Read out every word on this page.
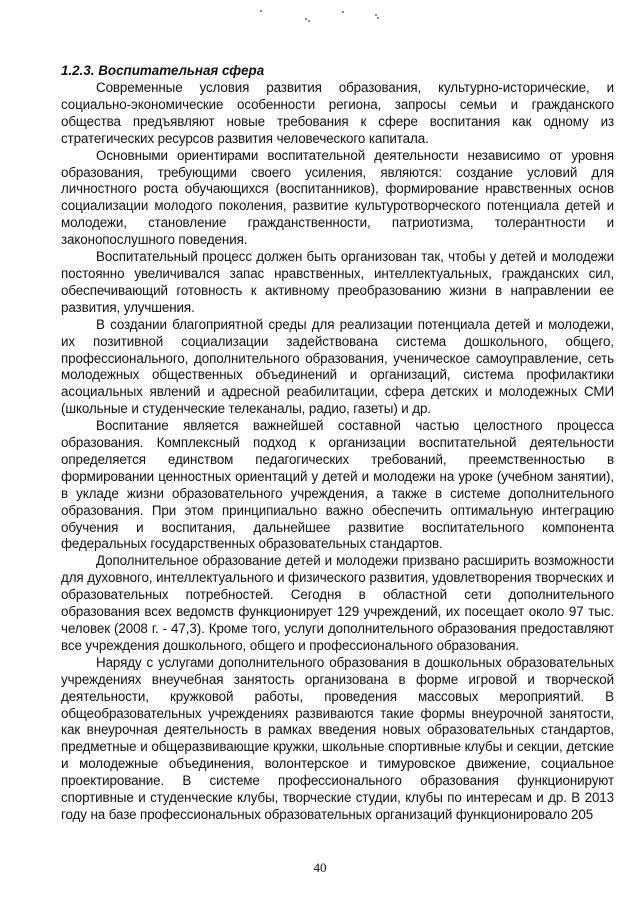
1.2.3. Воспитательная сфера

Современные условия развития образования, культурно-исторические, и социально-экономические особенности региона, запросы семьи и гражданского общества предъявляют новые требования к сфере воспитания как одному из стратегических ресурсов развития человеческого капитала.

Основными ориентирами воспитательной деятельности независимо от уровня образования, требующими своего усиления, являются: создание условий для личностного роста обучающихся (воспитанников), формирование нравственных основ социализации молодого поколения, развитие культуротворческого потенциала детей и молодежи, становление гражданственности, патриотизма, толерантности и законопослушного поведения.

Воспитательный процесс должен быть организован так, чтобы у детей и молодежи постоянно увеличивался запас нравственных, интеллектуальных, гражданских сил, обеспечивающий готовность к активному преобразованию жизни в направлении ее развития, улучшения.

В создании благоприятной среды для реализации потенциала детей и молодежи, их позитивной социализации задействована система дошкольного, общего, профессионального, дополнительного образования, ученическое самоуправление, сеть молодежных общественных объединений и организаций, система профилактики асоциальных явлений и адресной реабилитации, сфера детских и молодежных СМИ (школьные и студенческие телеканалы, радио, газеты) и др.

Воспитание является важнейшей составной частью целостного процесса образования. Комплексный подход к организации воспитательной деятельности определяется единством педагогических требований, преемственностью в формировании ценностных ориентаций у детей и молодежи на уроке (учебном занятии), в укладе жизни образовательного учреждения, а также в системе дополнительного образования. При этом принципиально важно обеспечить оптимальную интеграцию обучения и воспитания, дальнейшее развитие воспитательного компонента федеральных государственных образовательных стандартов.

Дополнительное образование детей и молодежи призвано расширить возможности для духовного, интеллектуального и физического развития, удовлетворения творческих и образовательных потребностей. Сегодня в областной сети дополнительного образования всех ведомств функционирует 129 учреждений, их посещает около 97 тыс. человек (2008 г. - 47,3). Кроме того, услуги дополнительного образования предоставляют все учреждения дошкольного, общего и профессионального образования.

Наряду с услугами дополнительного образования в дошкольных образовательных учреждениях внеучебная занятость организована в форме игровой и творческой деятельности, кружковой работы, проведения массовых мероприятий. В общеобразовательных учреждениях развиваются такие формы внеурочной занятости, как внеурочная деятельность в рамках введения новых образовательных стандартов, предметные и общеразвивающие кружки, школьные спортивные клубы и секции, детские и молодежные объединения, волонтерское и тимуровское движение, социальное проектирование. В системе профессионального образования функционируют спортивные и студенческие клубы, творческие студии, клубы по интересам и др. В 2013 году на базе профессиональных образовательных организаций функционировало 205

40
